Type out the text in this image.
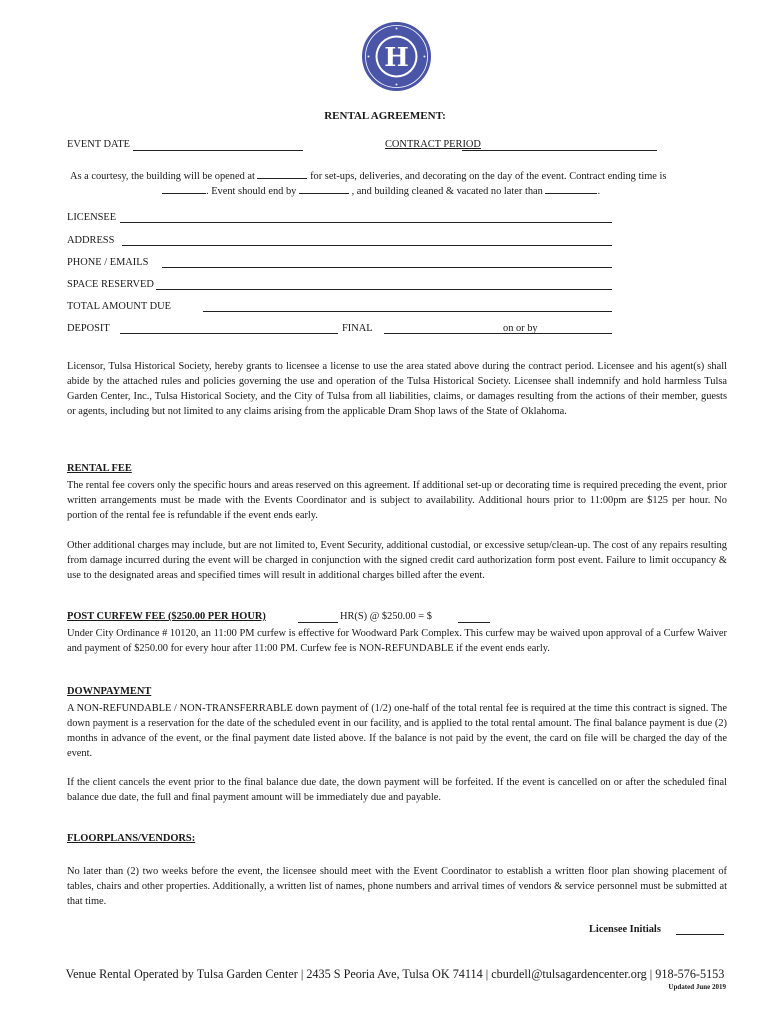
H
RENTAL AGREEMENT:
EVENT DATE	CONTRACT PERIOD
As a courtesy, the building will be opened at	for set-ups, deliveries, and decorating on the day of the event. Contract ending time is
. Event should end by	, and building cleaned & vacated no later than	.
LICENSEE
ADDRESS
PHONE / EMAILS
SPACE RESERVED
TOTAL AMOUNT DUE
DEPOSIT	FINAL	on or by
Licensor, Tulsa Historical Society, hereby grants to licensee a license to use the area stated above during the contract period. Licensee and his agent(s) shall abide by the attached rules and policies governing the use and operation of the Tulsa Historical Society. Licensee shall indemnify and hold harmless Tulsa Garden Center, Inc., Tulsa Historical Society, and the City of Tulsa from all liabilities, claims, or damages resulting from the actions of their member, guests or agents, including but not limited to any claims arising from the applicable Dram Shop laws of the State of Oklahoma.
RENTAL FEE
The rental fee covers only the specific hours and areas reserved on this agreement. If additional set-up or decorating time is required preceding the event, prior written arrangements must be made with the Events Coordinator and is subject to availability. Additional hours prior to 11:00pm are $125 per hour. No portion of the rental fee is refundable if the event ends early.
Other additional charges may include, but are not limited to, Event Security, additional custodial, or excessive setup/clean-up. The cost of any repairs resulting from damage incurred during the event will be charged in conjunction with the signed credit card authorization form post event. Failure to limit occupancy & use to the designated areas and specified times will result in additional charges billed after the event.
POST CURFEW FEE ($250.00 PER HOUR)	HR(S) @ $250.00 = $
Under City Ordinance # 10120, an 11:00 PM curfew is effective for Woodward Park Complex. This curfew may be waived upon approval of a Curfew Waiver and payment of $250.00 for every hour after 11:00 PM. Curfew fee is NON-REFUNDABLE if the event ends early.
DOWNPAYMENT
A NON-REFUNDABLE / NON-TRANSFERRABLE down payment of (1/2) one-half of the total rental fee is required at the time this contract is signed. The down payment is a reservation for the date of the scheduled event in our facility, and is applied to the total rental amount. The final balance payment is due (2) months in advance of the event, or the final payment date listed above. If the balance is not paid by the event, the card on file will be charged the day of the event.
If the client cancels the event prior to the final balance due date, the down payment will be forfeited. If the event is cancelled on or after the scheduled final balance due date, the full and final payment amount will be immediately due and payable.
FLOORPLANS/VENDORS:
No later than (2) two weeks before the event, the licensee should meet with the Event Coordinator to establish a written floor plan showing placement of tables, chairs and other properties. Additionally, a written list of names, phone numbers and arrival times of vendors & service personnel must be submitted at that time.
Licensee Initials
Venue Rental Operated by Tulsa Garden Center | 2435 S Peoria Ave, Tulsa OK 74114 | cburdell@tulsagardencenter.org | 918-576-5153
Updated June 2019
